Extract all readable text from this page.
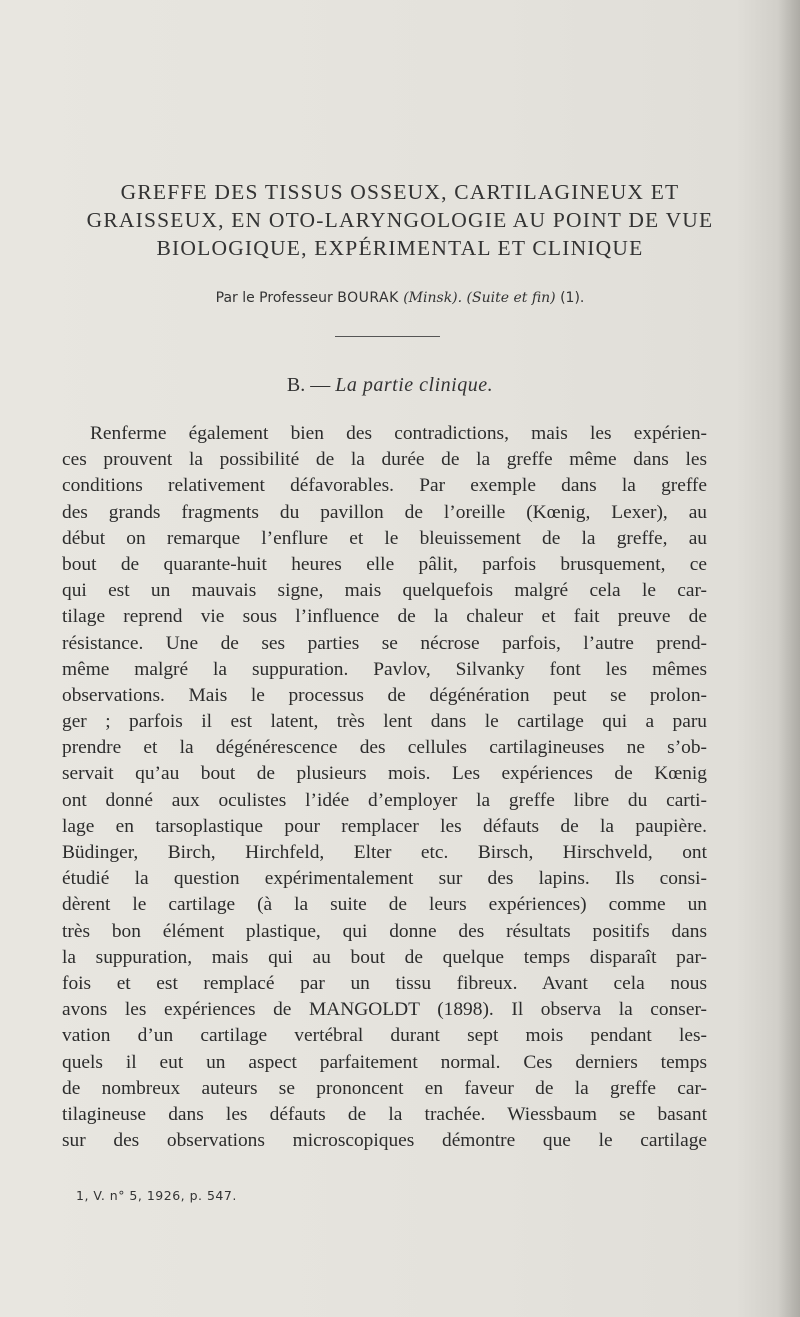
GREFFE DES TISSUS OSSEUX, CARTILAGINEUX ET
GRAISSEUX, EN OTO-LARYNGOLOGIE AU POINT DE VUE
BIOLOGIQUE, EXPÉRIMENTAL ET CLINIQUE
Par le Professeur BOURAK (Minsk). (Suite et fin) (1).
B. — La partie clinique.
Renferme également bien des contradictions, mais les expérien-
ces prouvent la possibilité de la durée de la greffe même dans les
conditions relativement défavorables. Par exemple dans la greffe
des grands fragments du pavillon de l’oreille (Kœnig, Lexer), au
début on remarque l’enflure et le bleuissement de la greffe, au
bout de quarante-huit heures elle pâlit, parfois brusquement, ce
qui est un mauvais signe, mais quelquefois malgré cela le car-
tilage reprend vie sous l’influence de la chaleur et fait preuve de
résistance. Une de ses parties se nécrose parfois, l’autre prend-
même malgré la suppuration. Pavlov, Silvanky font les mêmes
observations. Mais le processus de dégénération peut se prolon-
ger ; parfois il est latent, très lent dans le cartilage qui a paru
prendre et la dégénérescence des cellules cartilagineuses ne s’ob-
servait qu’au bout de plusieurs mois. Les expériences de Kœnig
ont donné aux oculistes l’idée d’employer la greffe libre du carti-
lage en tarsoplastique pour remplacer les défauts de la paupière.
Büdinger, Birch, Hirchfeld, Elter etc. Birsch, Hirschveld, ont
étudié la question expérimentalement sur des lapins. Ils consi-
dèrent le cartilage (à la suite de leurs expériences) comme un
très bon élément plastique, qui donne des résultats positifs dans
la suppuration, mais qui au bout de quelque temps disparaît par-
fois et est remplacé par un tissu fibreux. Avant cela nous
avons les expériences de MANGOLDT (1898). Il observa la conser-
vation d’un cartilage vertébral durant sept mois pendant les-
quels il eut un aspect parfaitement normal. Ces derniers temps
de nombreux auteurs se prononcent en faveur de la greffe car-
tilagineuse dans les défauts de la trachée. Wiessbaum se basant
sur des observations microscopiques démontre que le cartilage
1, V. n° 5, 1926, p. 547.
